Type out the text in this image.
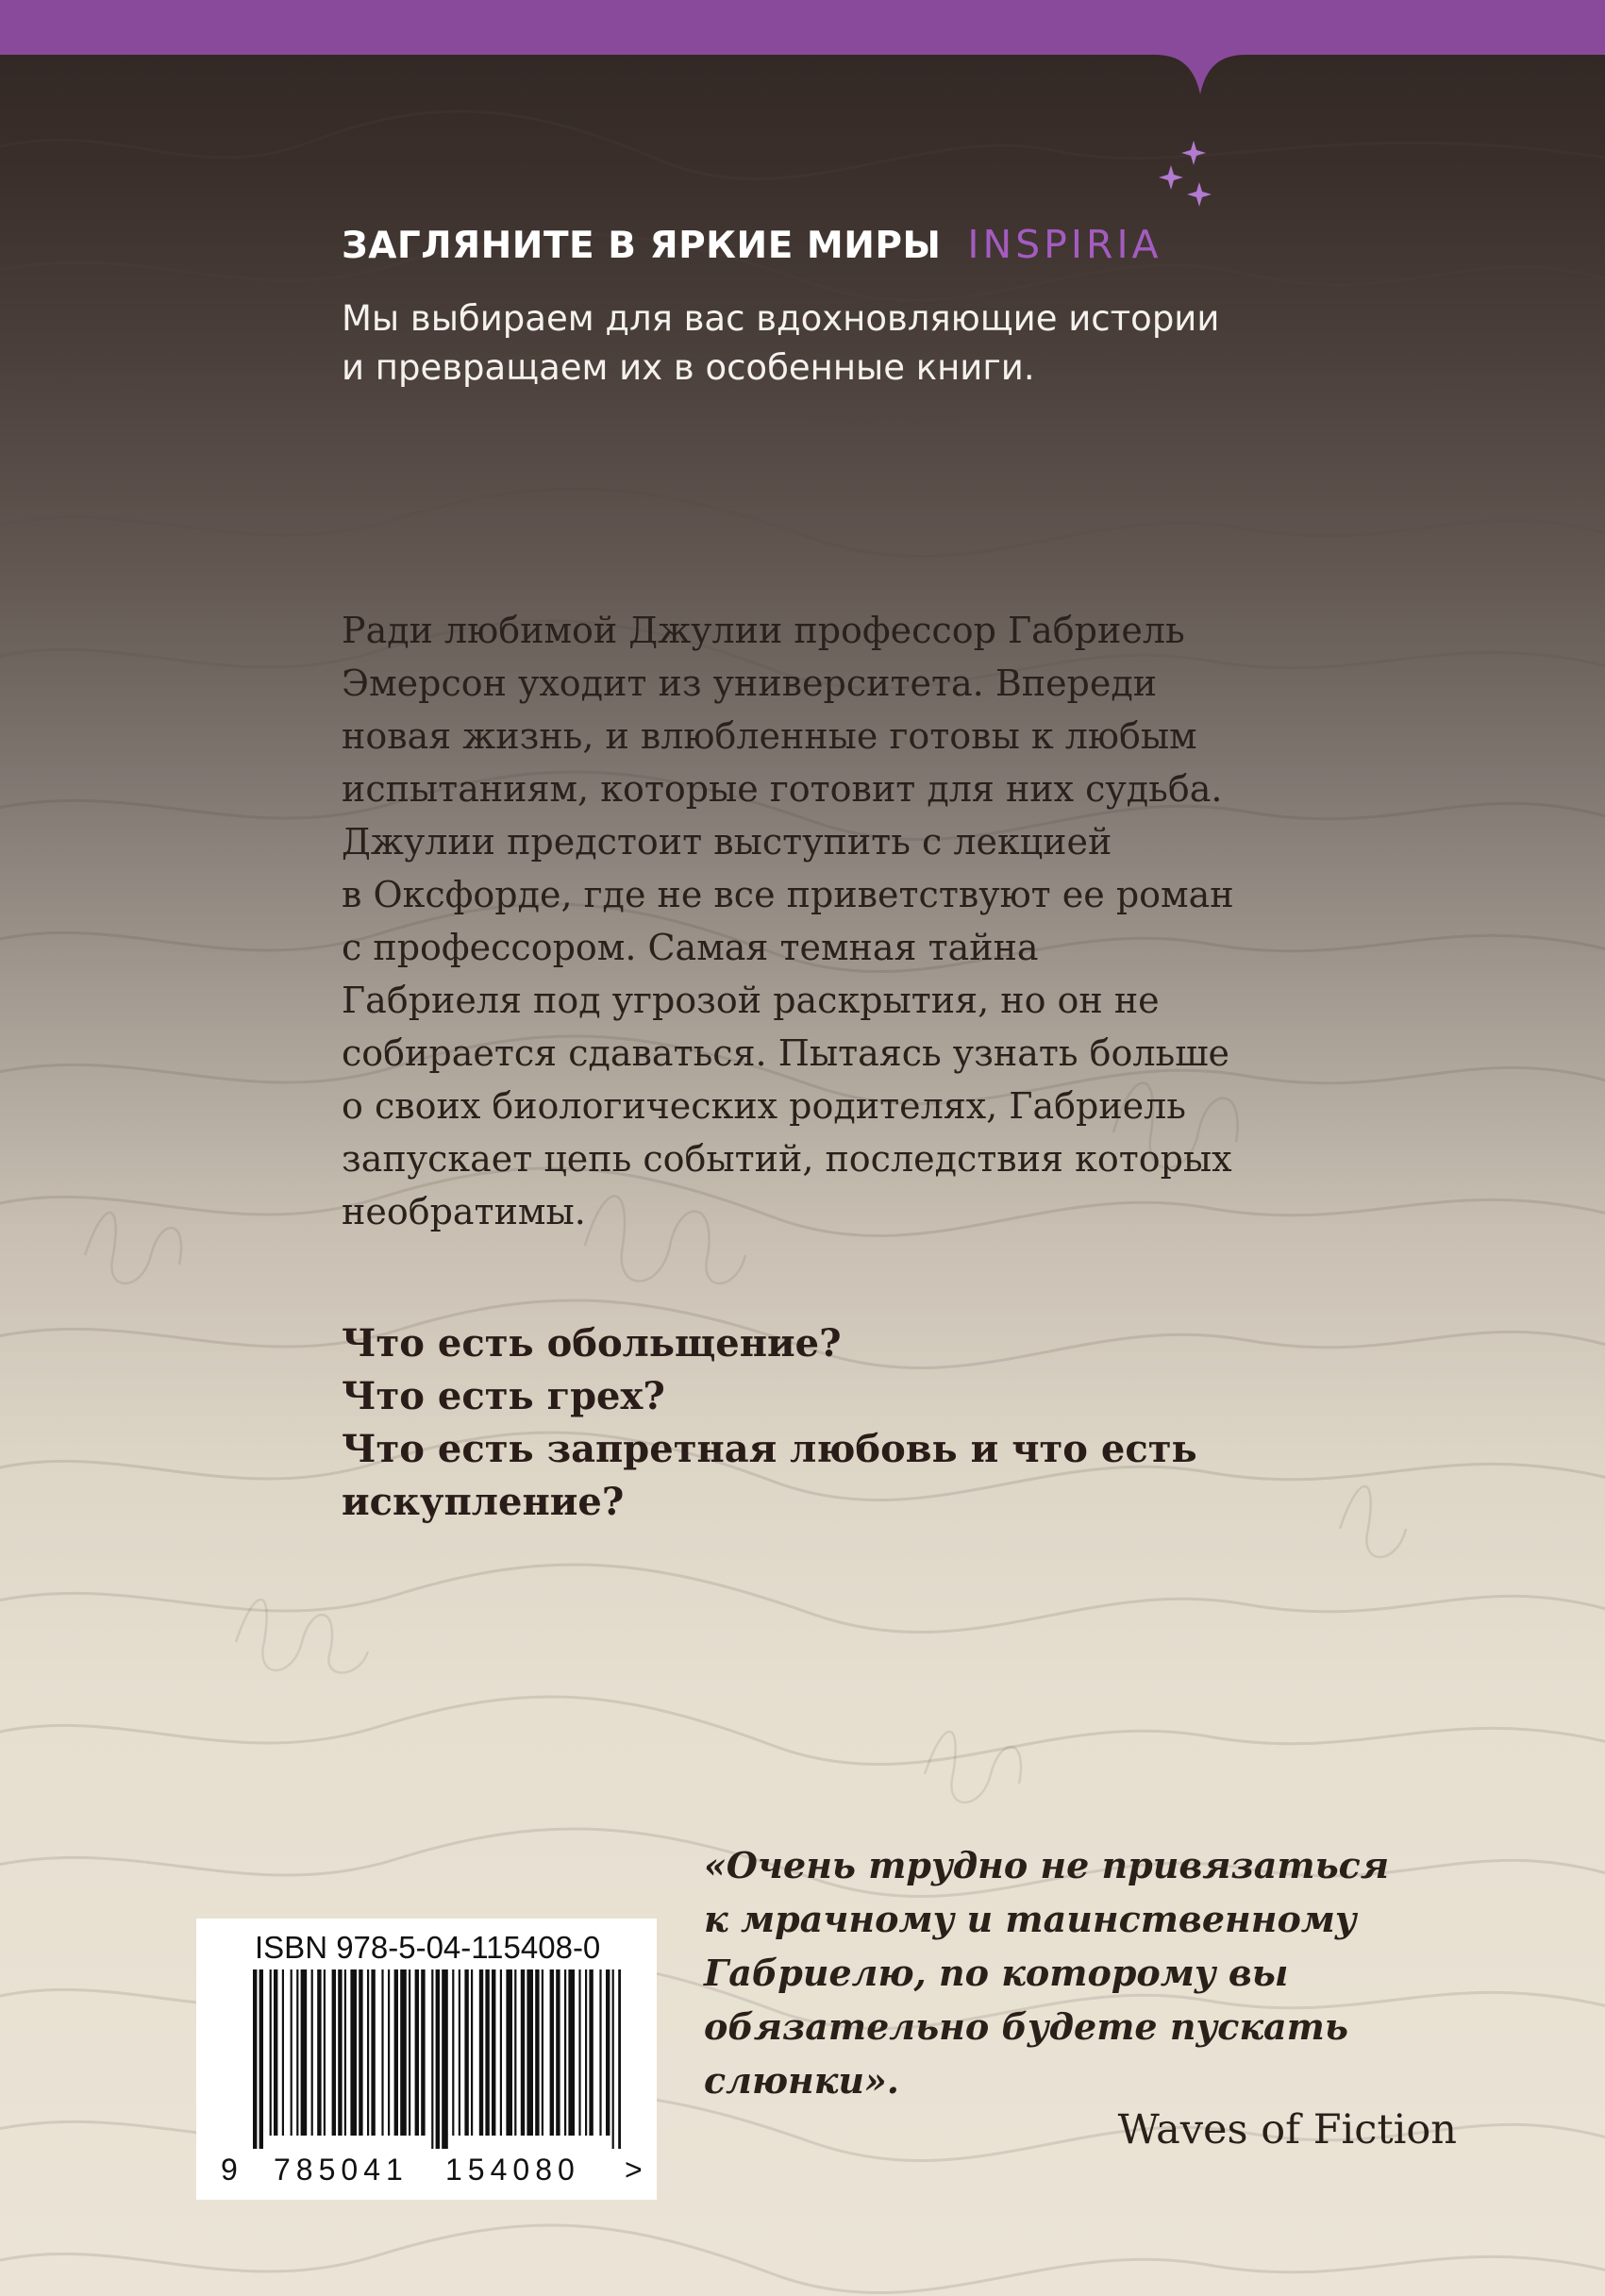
ЗАГЛЯНИТЕ В ЯРКИЕ МИРЫ INSPIRIA
Мы выбираем для вас вдохновляющие истории
и превращаем их в особенные книги.
Ради любимой Джулии профессор Габриель
Эмерсон уходит из университета. Впереди
новая жизнь, и влюбленные готовы к любым
испытаниям, которые готовит для них судьба.
Джулии предстоит выступить с лекцией
в Оксфорде, где не все приветствуют ее роман
с профессором. Самая темная тайна
Габриеля под угрозой раскрытия, но он не
собирается сдаваться. Пытаясь узнать больше
о своих биологических родителях, Габриель
запускает цепь событий, последствия которых
необратимы.
Что есть обольщение?
Что есть грех?
Что есть запретная любовь и что есть
искупление?
ISBN 978-5-04-115408-0
9 785041 154080 >
«Очень трудно не привязаться
к мрачному и таинственному
Габриелю, по которому вы
обязательно будете пускать
слюнки».
Waves of Fiction
